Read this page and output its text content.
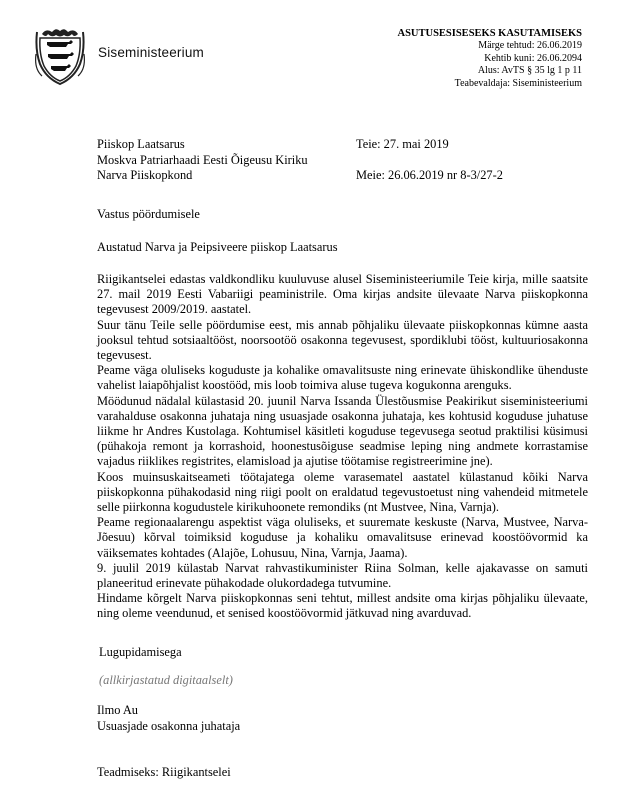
Siseministeerium
ASUTUSESISESEKS KASUTAMISEKS
Märge tehtud: 26.06.2019
Kehtib kuni: 26.06.2094
Alus: AvTS § 35 lg 1 p 11
Teabevaldaja: Siseministeerium
Piiskop Laatsarus
Moskva Patriarhaadi Eesti Õigeusu Kiriku
Narva Piiskopkond
Teie: 27. mai 2019
Meie: 26.06.2019 nr 8-3/27-2
Vastus pöördumisele
Austatud Narva ja Peipsiveere piiskop Laatsarus

Riigikantselei edastas valdkondliku kuuluvuse alusel Siseministeeriumile Teie kirja, mille saatsite 27. mail 2019 Eesti Vabariigi peaministrile. Oma kirjas andsite ülevaate Narva piiskopkonna tegevusest 2009/2019. aastatel.

Suur tänu Teile selle pöördumise eest, mis annab põhjaliku ülevaate piiskopkonnas kümne aasta jooksul tehtud sotsiaaltööst, noorsootöö osakonna tegevusest, spordiklubi tööst, kultuuriosakonna tegevusest.

Peame väga oluliseks koguduste ja kohalike omavalitsuste ning erinevate ühiskondlike ühenduste vahelist laiapõhjalist koostööd, mis loob toimiva aluse tugeva kogukonna arenguks.

Möödunud nädalal külastasid 20. juunil Narva Issanda Ülestõusmise Peakirikut siseministeeriumi varahalduse osakonna juhataja ning usuasjade osakonna juhataja, kes kohtusid koguduse juhatuse liikme hr Andres Kustolaga. Kohtumisel käsitleti koguduse tegevusega seotud praktilisi küsimusi (pühakoja remont ja korrashoid, hoonestusõiguse seadmise leping ning andmete korrastamise vajadus riiklikes registrites, elamisload ja ajutise töötamise registreerimine jne).

Koos muinsuskaitseameti töötajatega oleme varasematel aastatel külastanud kõiki Narva piiskopkonna pühakodasid ning riigi poolt on eraldatud tegevustoetust ning vahendeid mitmetele selle piirkonna kogudustele kirikuhoonete remondiks (nt Mustvee, Nina, Varnja).

Peame regionaalarengu aspektist väga oluliseks, et suuremate keskuste (Narva, Mustvee, Narva-Jõesuu) kõrval toimiksid koguduse ja kohaliku omavalitsuse erinevad koostöövormid ka väiksemates kohtades (Alajõe, Lohusuu, Nina, Varnja, Jaama).

9. juulil 2019 külastab Narvat rahvastikuminister Riina Solman, kelle ajakavasse on samuti planeeritud erinevate pühakodade olukordadega tutvumine.

Hindame kõrgelt Narva piiskopkonnas seni tehtut, millest andsite oma kirjas põhjaliku ülevaate, ning oleme veendunud, et senised koostöövormid jätkuvad ning avarduvad.

Lugupidamisega
(allkirjastatud digitaalselt)
Ilmo Au
Usuasjade osakonna juhataja
Teadmiseks: Riigikantselei
